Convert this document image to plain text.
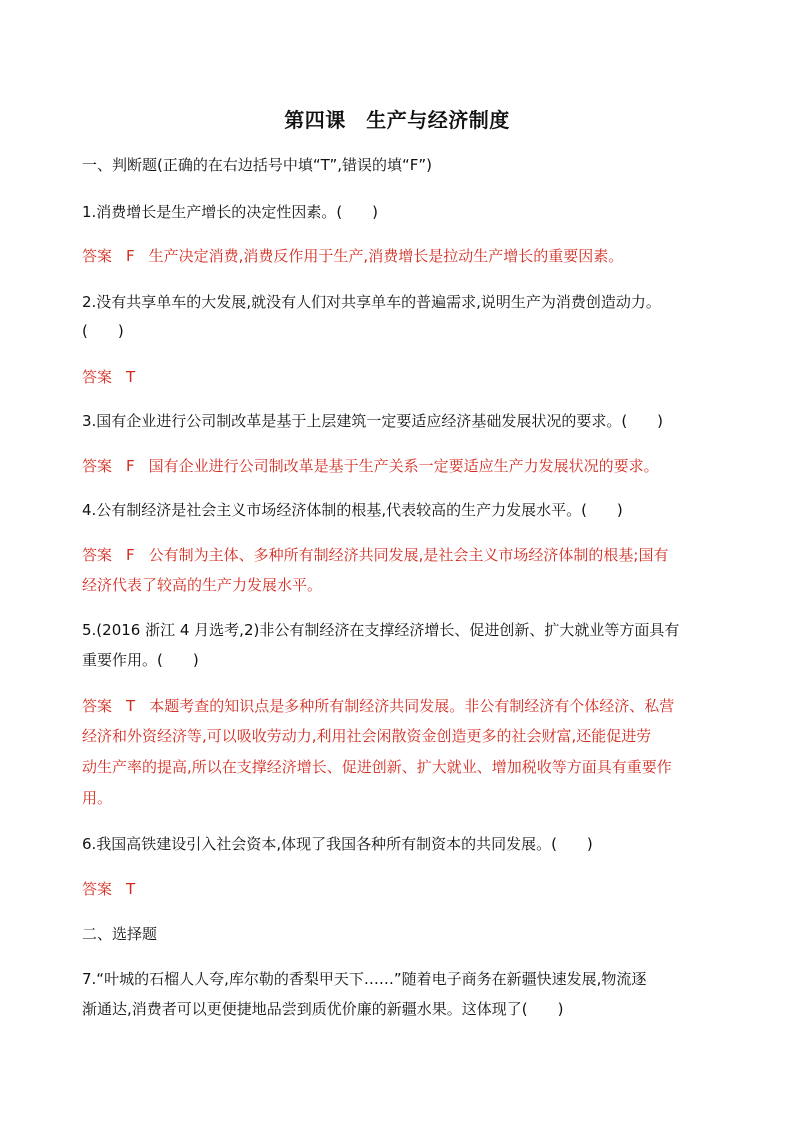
第四课　生产与经济制度
一、判断题(正确的在右边括号中填“T”,错误的填“F”)
1.消费增长是生产增长的决定性因素。(　　)
答案 F 生产决定消费,消费反作用于生产,消费增长是拉动生产增长的重要因素。
2.没有共享单车的大发展,就没有人们对共享单车的普遍需求,说明生产为消费创造动力。
(　　)
答案 T
3.国有企业进行公司制改革是基于上层建筑一定要适应经济基础发展状况的要求。(　　)
答案 F 国有企业进行公司制改革是基于生产关系一定要适应生产力发展状况的要求。
4.公有制经济是社会主义市场经济体制的根基,代表较高的生产力发展水平。(　　)
答案 F 公有制为主体、多种所有制经济共同发展,是社会主义市场经济体制的根基;国有
经济代表了较高的生产力发展水平。
5.(2016 浙江 4 月选考,2)非公有制经济在支撑经济增长、促进创新、扩大就业等方面具有
重要作用。(　　)
答案 T 本题考查的知识点是多种所有制经济共同发展。非公有制经济有个体经济、私营
经济和外资经济等,可以吸收劳动力,利用社会闲散资金创造更多的社会财富,还能促进劳
动生产率的提高,所以在支撑经济增长、促进创新、扩大就业、增加税收等方面具有重要作
用。
6.我国高铁建设引入社会资本,体现了我国各种所有制资本的共同发展。(　　)
答案 T
二、选择题
7.“叶城的石榴人人夸,库尔勒的香梨甲天下……”随着电子商务在新疆快速发展,物流逐
渐通达,消费者可以更便捷地品尝到质优价廉的新疆水果。这体现了(　　)
